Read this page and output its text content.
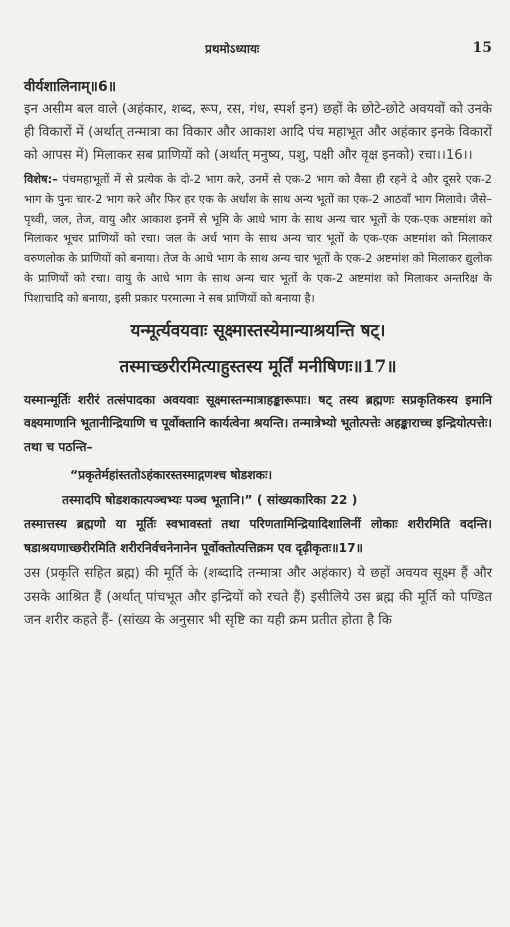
प्रथमोऽध्यायः	15

वीर्यशालिनाम्॥6॥

इन असीम बल वाले (अहंकार, शब्द, रूप, रस, गंध, स्पर्श इन) छहों के छोटे-छोटे अवयवों को उनके ही विकारों में (अर्थात् तन्मात्रा का विकार और आकाश आदि पंच महाभूत और अहंकार इनके विकारों को आपस में) मिलाकर सब प्राणियों को (अर्थात् मनुष्य, पशु, पक्षी और वृक्ष इनको) रचा।।16।।

विशेष:– पंचमहाभूतों में से प्रत्येक के दो-2 भाग करे, उनमें से एक-2 भाग को वैसा ही रहने दे और दूसरे एक-2 भाग के पुनः चार-2 भाग करे और फिर हर एक के अर्धांश के साथ अन्य भूतों का एक-2 आठवाँ भाग मिलावे। जैसे–पृथ्वी, जल, तेज, वायु और आकाश इनमें से भूमि के आधे भाग के साथ अन्य चार भूतों के एक-एक अष्टमांश को मिलाकर भूचर प्राणियों को रचा। जल के अर्ध भाग के साथ अन्य चार भूतों के एक-एक अष्टमांश को मिलाकर वरुणलोक के प्राणियों को बनाया। तेज के आधे भाग के साथ अन्य चार भूतों के एक-2 अष्टमांश को मिलाकर द्युलोक के प्राणियों को रचा। वायु के आधे भाग के साथ अन्य चार भूतों के एक-2 अष्टमांश को मिलाकर अन्तरिक्ष के पिशाचादि को बनाया, इसी प्रकार परमात्मा ने सब प्राणियों को बनाया है।

यन्मूर्त्यवयवाः सूक्ष्मास्तस्येमान्याश्रयन्ति षट्।

तस्माच्छरीरमित्याहुस्तस्य मूर्तिं मनीषिणः॥17॥

यस्मान्मूर्तिः शरीरं तत्संपादका अवयवाः सूक्ष्मास्तन्मात्राहङ्कारूपाः। षट् तस्य ब्रह्मणः सप्रकृतिकस्य इमानि वक्ष्यमाणानि भूतानीन्द्रियाणि च पूर्वोक्तानि कार्यत्वेना श्रयन्ति। तन्मात्रेभ्यो भूतोत्पत्तेः अहङ्काराच्च इन्द्रियोत्पत्तेः। तथा च पठन्ति–

“प्रकृतेर्महांस्ततोऽहंकारस्तस्माद्गणश्च षोडशकः।

तस्मादपि षोडशकात्पञ्चभ्यः पञ्च भूतानि।” ( सांख्यकारिका 22 )

तस्मात्तस्य ब्रह्मणो या मूर्तिः स्वभावस्तां तथा परिणतामिन्द्रियादिशालिनीं लोकाः शरीरमिति वदन्ति। षडाश्रयणाच्छरीरमिति शरीरनिर्वचनेनानेन पूर्वोक्तोत्पत्तिक्रम एव दृढ़ीकृतः॥17॥

उस (प्रकृति सहित ब्रह्म) की मूर्ति के (शब्दादि तन्मात्रा और अहंकार) ये छहों अवयव सूक्ष्म हैं और उसके आश्रित हैं (अर्थात् पांचभूत और इन्द्रियों को रचते हैं) इसीलिये उस ब्रह्म की मूर्ति को पण्डित जन शरीर कहते हैं- (सांख्य के अनुसार भी सृष्टि का यही क्रम प्रतीत होता है कि
